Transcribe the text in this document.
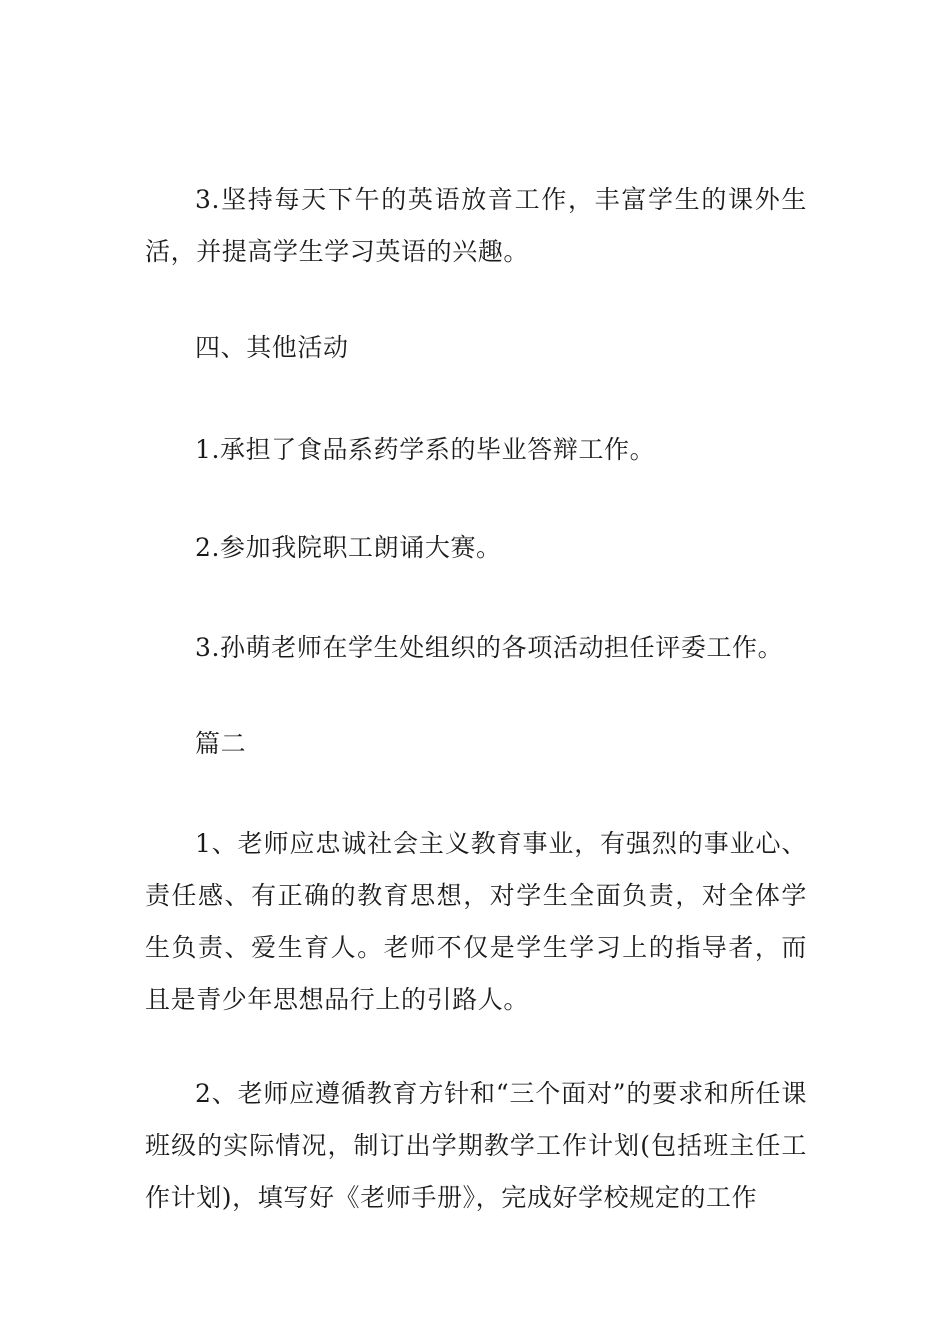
3.坚持每天下午的英语放音工作，丰富学生的课外生活，并提高学生学习英语的兴趣。

四、其他活动

1.承担了食品系药学系的毕业答辩工作。

2.参加我院职工朗诵大赛。

3.孙萌老师在学生处组织的各项活动担任评委工作。

篇二

1、老师应忠诚社会主义教育事业，有强烈的事业心、责任感、有正确的教育思想，对学生全面负责，对全体学生负责、爱生育人。老师不仅是学生学习上的指导者，而且是青少年思想品行上的引路人。

2、老师应遵循教育方针和“三个面对”的要求和所任课班级的实际情况，制订出学期教学工作计划(包括班主任工作计划)，填写好《老师手册》，完成好学校规定的工作
